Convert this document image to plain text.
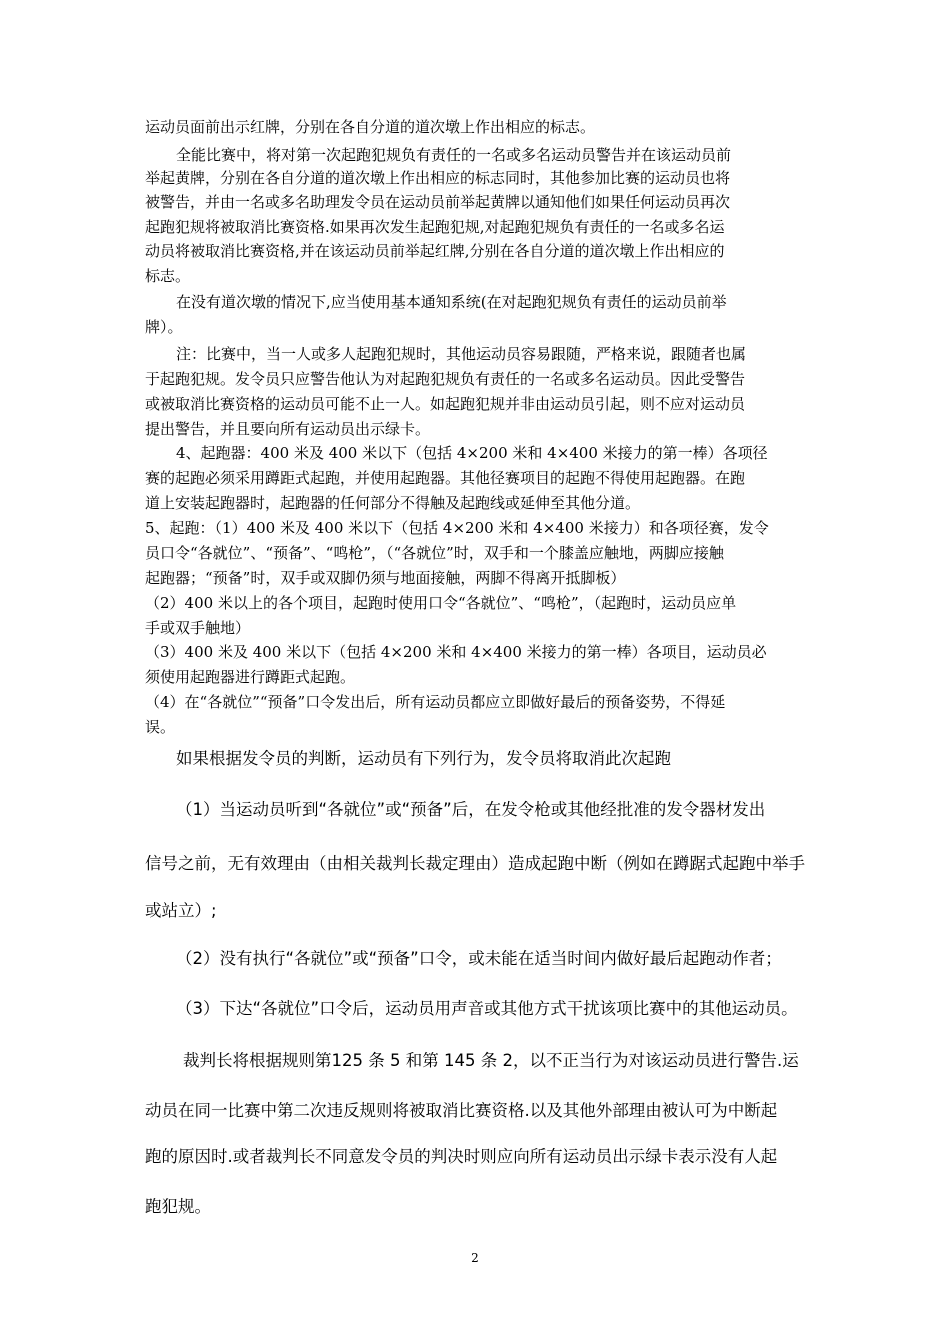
运动员面前出示红牌，分别在各自分道的道次墩上作出相应的标志。

全能比赛中，将对第一次起跑犯规负有责任的一名或多名运动员警告并在该运动员前

举起黄牌，分别在各自分道的道次墩上作出相应的标志同时，其他参加比赛的运动员也将

被警告，并由一名或多名助理发令员在运动员前举起黄牌以通知他们如果任何运动员再次

起跑犯规将被取消比赛资格.如果再次发生起跑犯规,对起跑犯规负有责任的一名或多名运

动员将被取消比赛资格,并在该运动员前举起红牌,分别在各自分道的道次墩上作出相应的

标志。

在没有道次墩的情况下,应当使用基本通知系统(在对起跑犯规负有责任的运动员前举

牌）。

注：比赛中，当一人或多人起跑犯规时，其他运动员容易跟随，严格来说，跟随者也属

于起跑犯规。发令员只应警告他认为对起跑犯规负有责任的一名或多名运动员。因此受警告

或被取消比赛资格的运动员可能不止一人。如起跑犯规并非由运动员引起，则不应对运动员

提出警告，并且要向所有运动员出示绿卡。

4、起跑器：400 米及 400 米以下（包括 4×200 米和 4×400 米接力的第一棒）各项径

赛的起跑必须采用蹲距式起跑，并使用起跑器。其他径赛项目的起跑不得使用起跑器。在跑

道上安装起跑器时，起跑器的任何部分不得触及起跑线或延伸至其他分道。

5、起跑：（1）400 米及 400 米以下（包括 4×200 米和 4×400 米接力）和各项径赛，发令

员口令“各就位”、“预备”、“鸣枪”，（“各就位”时，双手和一个膝盖应触地，两脚应接触

起跑器；“预备”时，双手或双脚仍须与地面接触，两脚不得离开抵脚板）

（2）400 米以上的各个项目，起跑时使用口令“各就位”、“鸣枪”，（起跑时，运动员应单

手或双手触地）

（3）400 米及 400 米以下（包括 4×200 米和 4×400 米接力的第一棒）各项目，运动员必

须使用起跑器进行蹲距式起跑。

（4）在“各就位”“预备”口令发出后，所有运动员都应立即做好最后的预备姿势，不得延

误。

如果根据发令员的判断，运动员有下列行为，发令员将取消此次起跑

（1）当运动员听到“各就位”或“预备”后，在发令枪或其他经批准的发令器材发出

信号之前，无有效理由（由相关裁判长裁定理由）造成起跑中断（例如在蹲踞式起跑中举手

或站立）;

（2）没有执行“各就位”或“预备”口令，或未能在适当时间内做好最后起跑动作者；

（3）下达“各就位”口令后，运动员用声音或其他方式干扰该项比赛中的其他运动员。

裁判长将根据规则第125 条 5 和第 145 条 2，以不正当行为对该运动员进行警告.运

动员在同一比赛中第二次违反规则将被取消比赛资格.以及其他外部理由被认可为中断起

跑的原因时.或者裁判长不同意发令员的判决时则应向所有运动员出示绿卡表示没有人起

跑犯规。

2
